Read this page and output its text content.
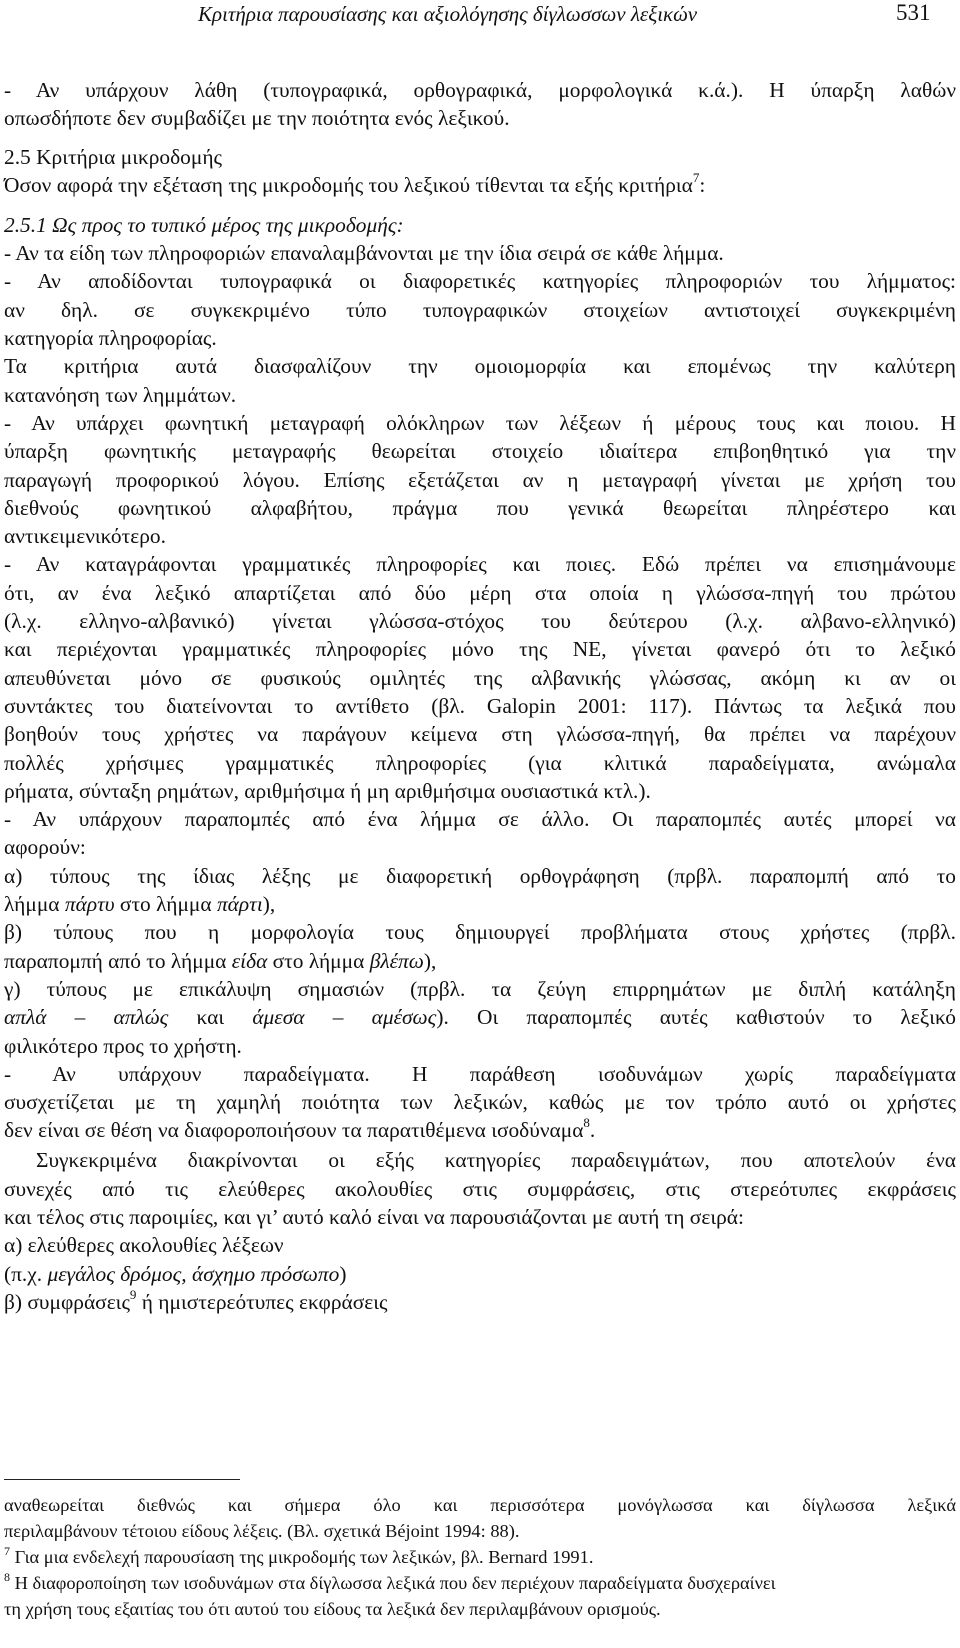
Κριτήρια παρουσίασης και αξιολόγησης δίγλωσσων λεξικών	531
- Αν υπάρχουν λάθη (τυπογραφικά, ορθογραφικά, μορφολογικά κ.ά.). Η ύπαρξη λαθών
οπωσδήποτε δεν συμβαδίζει με την ποιότητα ενός λεξικού.
2.5 Κριτήρια μικροδομής
Όσον αφορά την εξέταση της μικροδομής του λεξικού τίθενται τα εξής κριτήρια$^7$:
2.5.1 Ως προς το τυπικό μέρος της μικροδομής:
- Αν τα είδη των πληροφοριών επαναλαμβάνονται με την ίδια σειρά σε κάθε λήμμα.
- Αν αποδίδονται τυπογραφικά οι διαφορετικές κατηγορίες πληροφοριών του λήμματος:
αν δηλ. σε συγκεκριμένο τύπο τυπογραφικών στοιχείων αντιστοιχεί συγκεκριμένη
κατηγορία πληροφορίας.
Τα κριτήρια αυτά διασφαλίζουν την ομοιομορφία και επομένως την καλύτερη
κατανόηση των λημμάτων.
- Αν υπάρχει φωνητική μεταγραφή ολόκληρων των λέξεων ή μέρους τους και ποιου. Η
ύπαρξη φωνητικής μεταγραφής θεωρείται στοιχείο ιδιαίτερα επιβοηθητικό για την
παραγωγή προφορικού λόγου. Επίσης εξετάζεται αν η μεταγραφή γίνεται με χρήση του
διεθνούς φωνητικού αλφαβήτου, πράγμα που γενικά θεωρείται πληρέστερο και
αντικειμενικότερο.
- Αν καταγράφονται γραμματικές πληροφορίες και ποιες. Εδώ πρέπει να επισημάνουμε
ότι, αν ένα λεξικό απαρτίζεται από δύο μέρη στα οποία η γλώσσα-πηγή του πρώτου
(λ.χ. ελληνο-αλβανικό) γίνεται γλώσσα-στόχος του δεύτερου (λ.χ. αλβανο-ελληνικό)
και περιέχονται γραμματικές πληροφορίες μόνο της ΝΕ, γίνεται φανερό ότι το λεξικό
απευθύνεται μόνο σε φυσικούς ομιλητές της αλβανικής γλώσσας, ακόμη κι αν οι
συντάκτες του διατείνονται το αντίθετο (βλ. Galopin 2001: 117). Πάντως τα λεξικά που
βοηθούν τους χρήστες να παράγουν κείμενα στη γλώσσα-πηγή, θα πρέπει να παρέχουν
πολλές χρήσιμες γραμματικές πληροφορίες (για κλιτικά παραδείγματα, ανώμαλα
ρήματα, σύνταξη ρημάτων, αριθμήσιμα ή μη αριθμήσιμα ουσιαστικά κτλ.).
- Αν υπάρχουν παραπομπές από ένα λήμμα σε άλλο. Οι παραπομπές αυτές μπορεί να
αφορούν:
α) τύπους της ίδιας λέξης με διαφορετική ορθογράφηση (πρβλ. παραπομπή από το
λήμμα πάρτυ στο λήμμα πάρτι),
β) τύπους που η μορφολογία τους δημιουργεί προβλήματα στους χρήστες (πρβλ.
παραπομπή από το λήμμα είδα στο λήμμα βλέπω),
γ) τύπους με επικάλυψη σημασιών (πρβλ. τα ζεύγη επιρρημάτων με διπλή κατάληξη
απλά – απλώς και άμεσα – αμέσως). Οι παραπομπές αυτές καθιστούν το λεξικό
φιλικότερο προς το χρήστη.
- Αν υπάρχουν παραδείγματα. Η παράθεση ισοδυνάμων χωρίς παραδείγματα
συσχετίζεται με τη χαμηλή ποιότητα των λεξικών, καθώς με τον τρόπο αυτό οι χρήστες
δεν είναι σε θέση να διαφοροποιήσουν τα παρατιθέμενα ισοδύναμα$^8$.
Συγκεκριμένα διακρίνονται οι εξής κατηγορίες παραδειγμάτων, που αποτελούν ένα
συνεχές από τις ελεύθερες ακολουθίες στις συμφράσεις, στις στερεότυπες εκφράσεις
και τέλος στις παροιμίες, και γι’ αυτό καλό είναι να παρουσιάζονται με αυτή τη σειρά:
α) ελεύθερες ακολουθίες λέξεων
(π.χ. μεγάλος δρόμος, άσχημο πρόσωπο)
β) συμφράσεις$^9$ ή ημιστερεότυπες εκφράσεις
αναθεωρείται διεθνώς και σήμερα όλο και περισσότερα μονόγλωσσα και δίγλωσσα λεξικά
περιλαμβάνουν τέτοιου είδους λέξεις. (Βλ. σχετικά Béjoint 1994: 88).
$^7$ Για μια ενδελεχή παρουσίαση της μικροδομής των λεξικών, βλ. Bernard 1991.
$^8$ Η διαφοροποίηση των ισοδυνάμων στα δίγλωσσα λεξικά που δεν περιέχουν παραδείγματα δυσχεραίνει
τη χρήση τους εξαιτίας του ότι αυτού του είδους τα λεξικά δεν περιλαμβάνουν ορισμούς.
